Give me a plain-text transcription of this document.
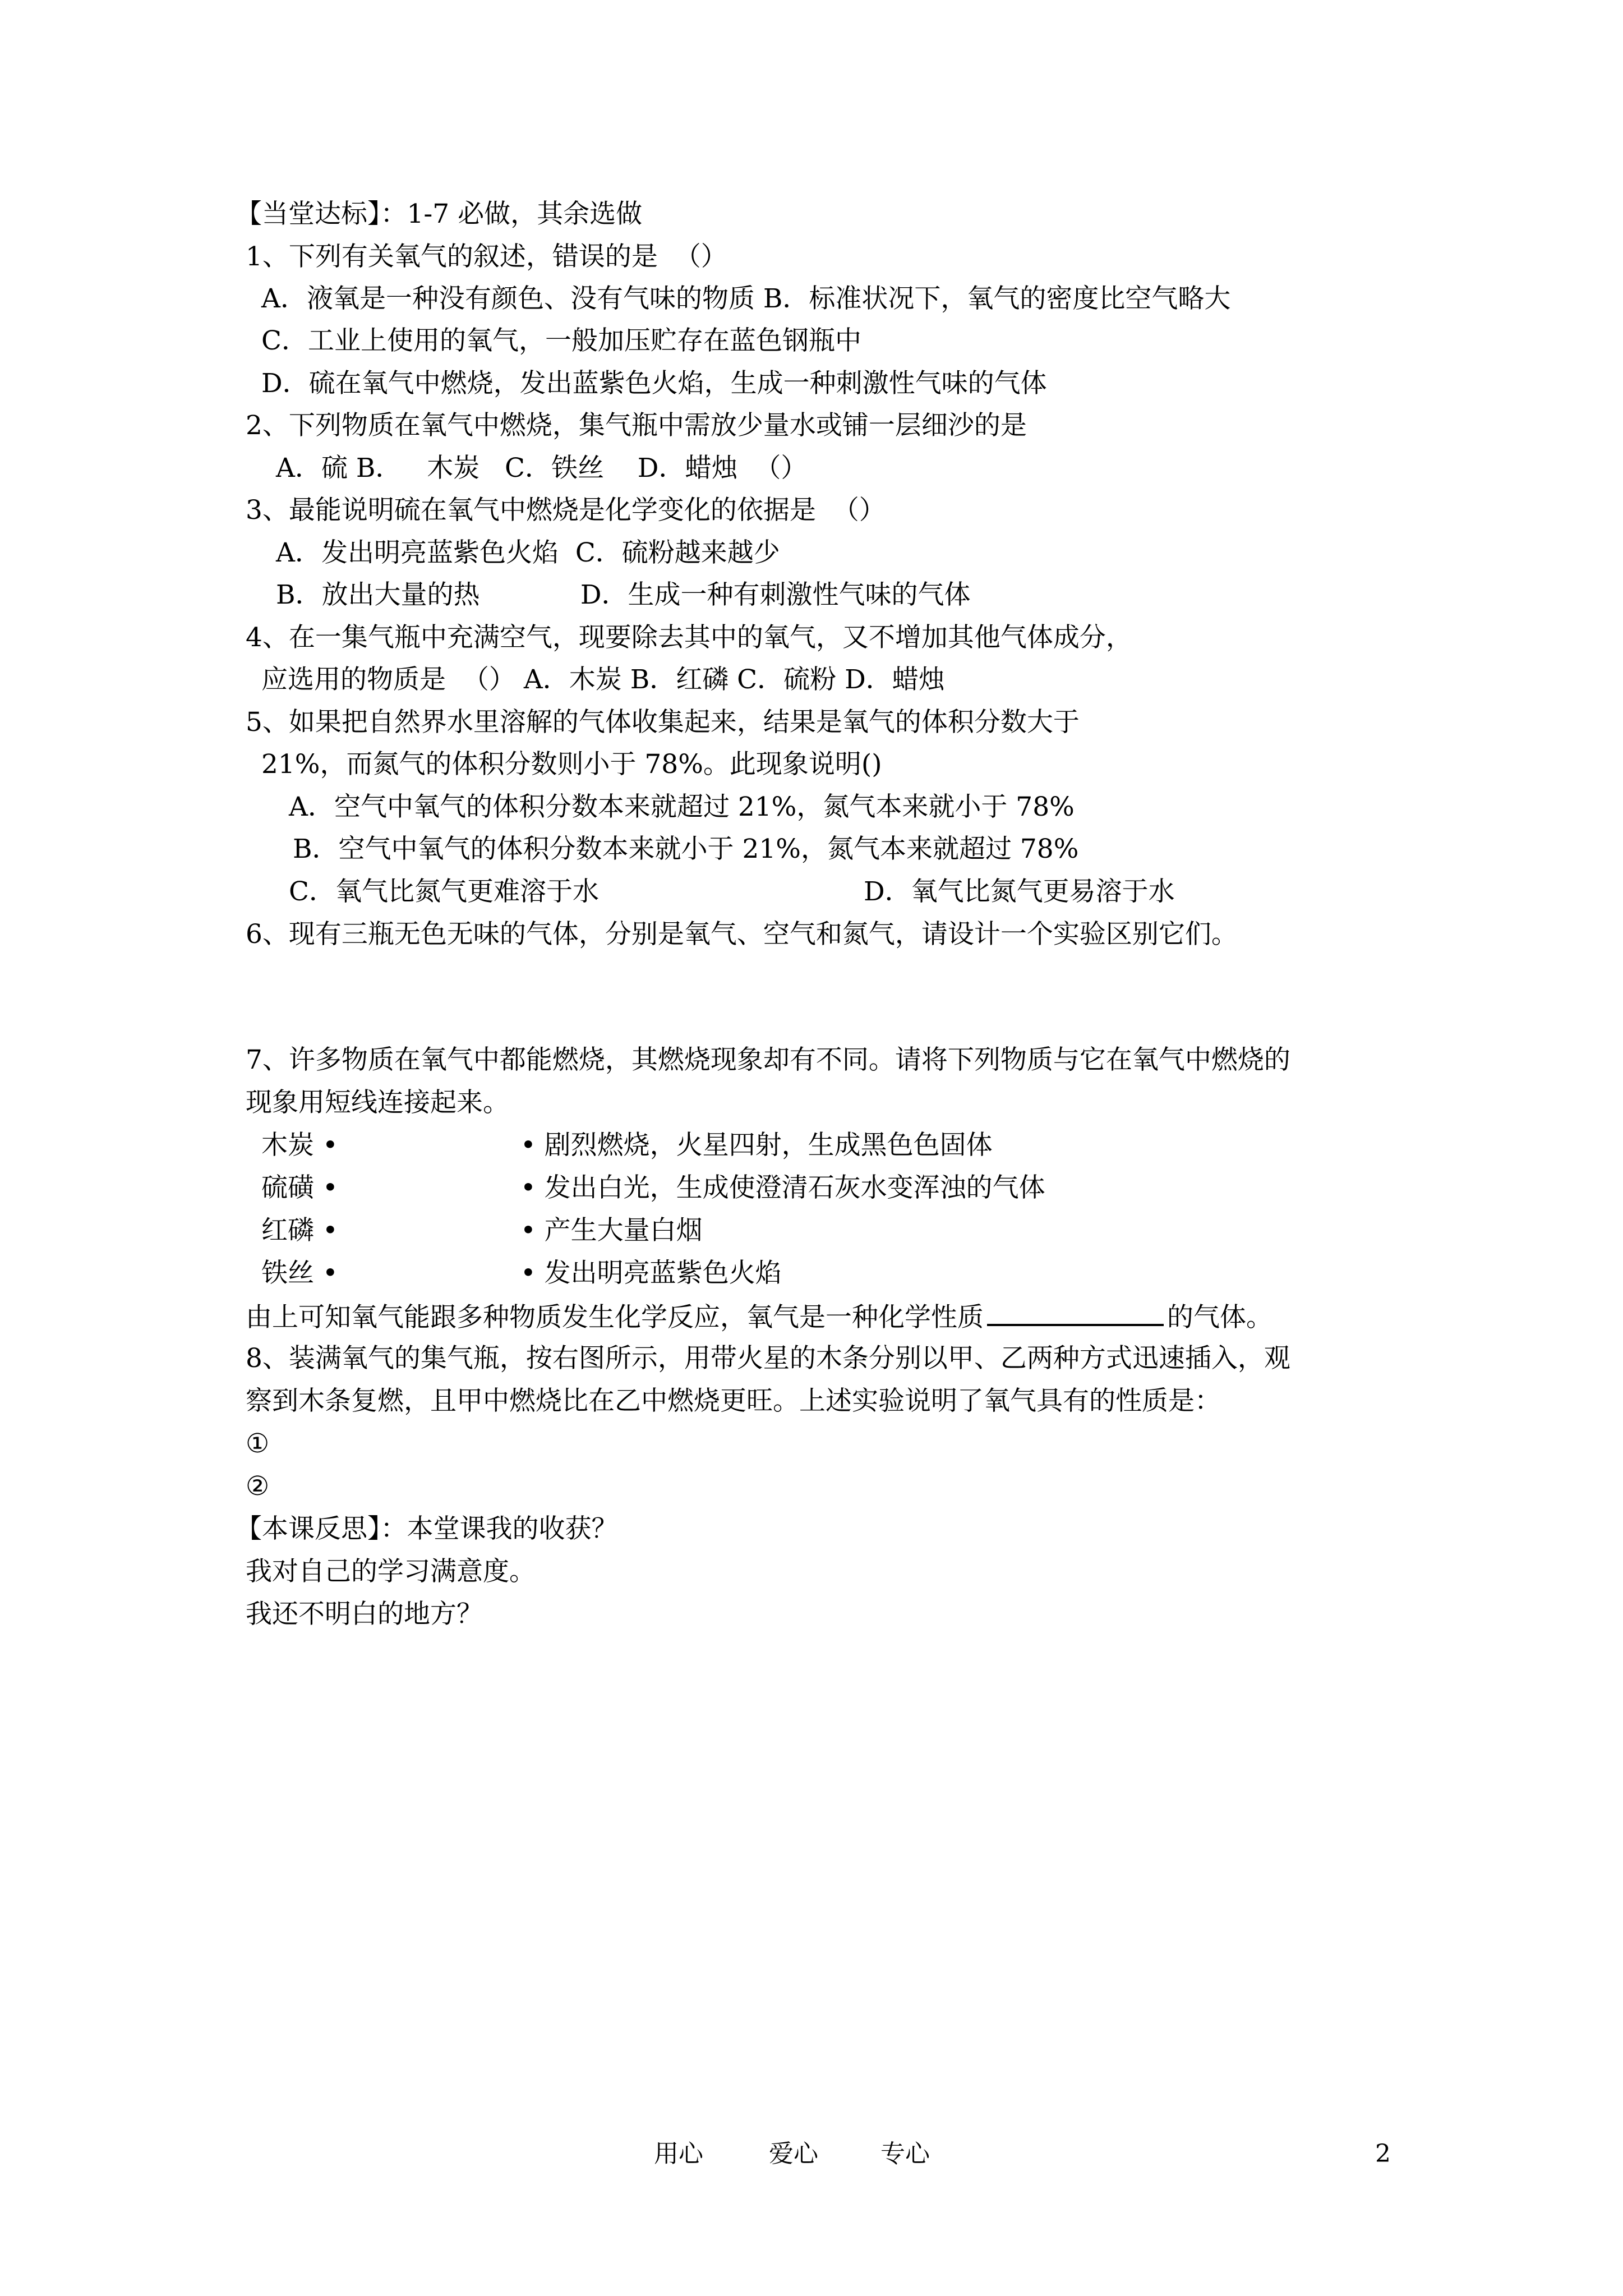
【当堂达标】：1-7 必做，其余选做
1、下列有关氧气的叙述，错误的是  （）
A．液氧是一种没有颜色、没有气味的物质 B．标准状况下，氧气的密度比空气略大
C．工业上使用的氧气，一般加压贮存在蓝色钢瓶中
D．硫在氧气中燃烧，发出蓝紫色火焰，生成一种刺激性气味的气体
2、下列物质在氧气中燃烧，集气瓶中需放少量水或铺一层细沙的是
A．硫 B．   木炭   C．铁丝    D．蜡烛  （）
3、最能说明硫在氧气中燃烧是化学变化的依据是  （）
A．发出明亮蓝紫色火焰  C．硫粉越来越少
B．放出大量的热            D．生成一种有刺激性气味的气体
4、在一集气瓶中充满空气，现要除去其中的氧气，又不增加其他气体成分，
应选用的物质是  （） A．木炭 B．红磷 C．硫粉 D．蜡烛
5、如果把自然界水里溶解的气体收集起来，结果是氧气的体积分数大于
21%，而氮气的体积分数则小于 78%。此现象说明()
A．空气中氧气的体积分数本来就超过 21%，氮气本来就小于 78%
B．空气中氧气的体积分数本来就小于 21%，氮气本来就超过 78%
C．氧气比氮气更难溶于水	D．氧气比氮气更易溶于水
6、现有三瓶无色无味的气体，分别是氧气、空气和氮气，请设计一个实验区别它们。
7、许多物质在氧气中都能燃烧，其燃烧现象却有不同。请将下列物质与它在氧气中燃烧的
现象用短线连接起来。
木炭 •	• 剧烈燃烧，火星四射，生成黑色色固体
硫磺 •	• 发出白光，生成使澄清石灰水变浑浊的气体
红磷 •	• 产生大量白烟
铁丝 •	• 发出明亮蓝紫色火焰
由上可知氧气能跟多种物质发生化学反应，氧气是一种化学性质	的气体。
8、装满氧气的集气瓶，按右图所示，用带火星的木条分别以甲、乙两种方式迅速插入，观
察到木条复燃，且甲中燃烧比在乙中燃烧更旺。上述实验说明了氧气具有的性质是：
①
②
【本课反思】：本堂课我的收获？
我对自己的学习满意度。
我还不明白的地方？
用心	爱心	专心	2
